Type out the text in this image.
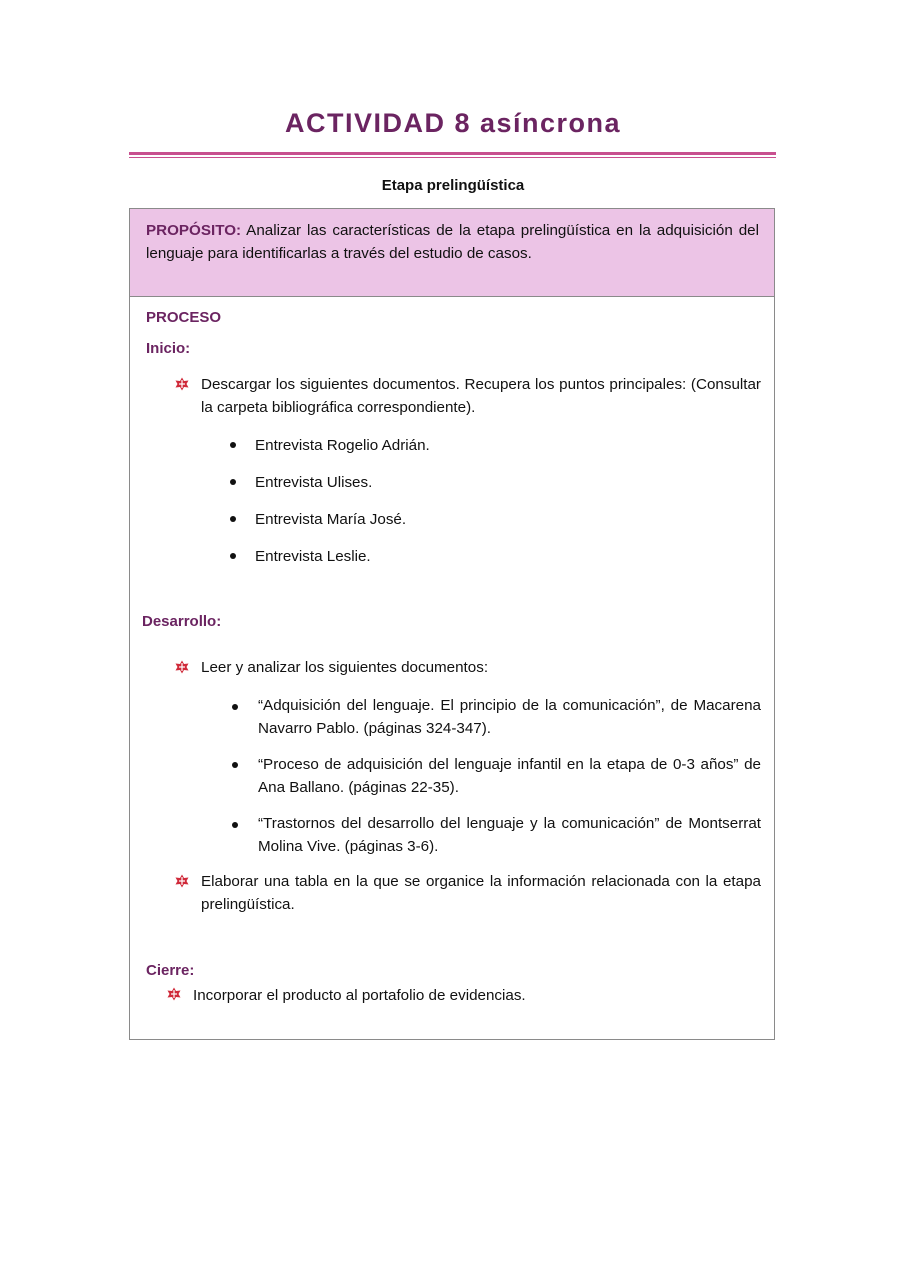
ACTIVIDAD 8 asíncrona
Etapa prelingüística
PROPÓSITO: Analizar las características de la etapa prelingüística en la adquisición del lenguaje para identificarlas a través del estudio de casos.
PROCESO
Inicio:
Descargar los siguientes documentos. Recupera los puntos principales: (Consultar la carpeta bibliográfica correspondiente).
Entrevista Rogelio Adrián.
Entrevista Ulises.
Entrevista María José.
Entrevista Leslie.
Desarrollo:
Leer y analizar los siguientes documentos:
“Adquisición del lenguaje. El principio de la comunicación”, de Macarena Navarro Pablo. (páginas 324-347).
“Proceso de adquisición del lenguaje infantil en la etapa de 0-3 años” de Ana Ballano. (páginas 22-35).
“Trastornos del desarrollo del lenguaje y la comunicación” de Montserrat Molina Vive. (páginas 3-6).
Elaborar una tabla en la que se organice la información relacionada con la etapa prelingüística.
Cierre:
Incorporar el producto al portafolio de evidencias.
